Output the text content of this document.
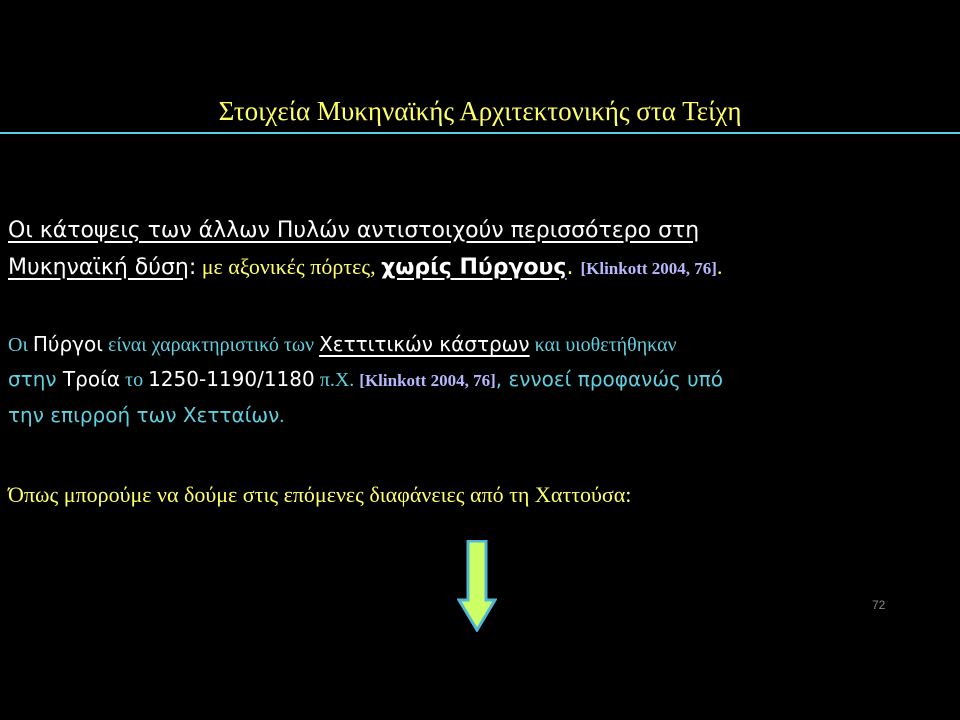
Στοιχεία Μυκηναϊκής Αρχιτεκτονικής στα Τείχη
Οι κάτοψεις των άλλων Πυλών αντιστοιχούν περισσότερο στη
Μυκηναϊκή δύση: με αξονικές πόρτες, χωρίς Πύργους. [Klinkott 2004, 76].
Οι Πύργοι είναι χαρακτηριστικό των Χεττιτικών κάστρων και υιοθετήθηκαν
στην Τροία το 1250-1190/1180 π.Χ. [Klinkott 2004, 76], εννοεί προφανώς υπό
την επιρροή των Χετταίων.
Όπως μπορούμε να δούμε στις επόμενες διαφάνειες από τη Χαττούσα:
72
